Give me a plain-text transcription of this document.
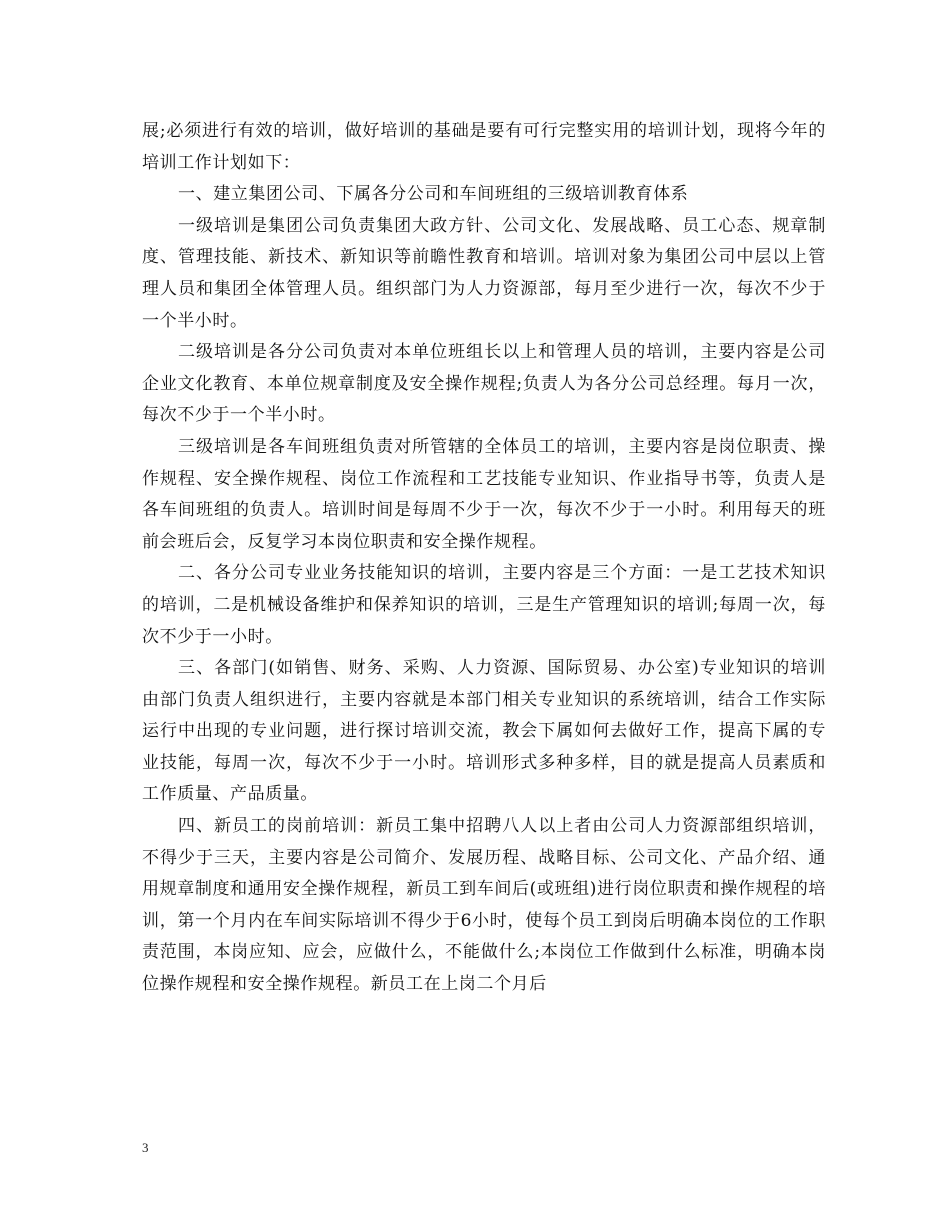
展;必须进行有效的培训，做好培训的基础是要有可行完整实用的培训计划，现将今年的培训工作计划如下：

一、建立集团公司、下属各分公司和车间班组的三级培训教育体系

一级培训是集团公司负责集团大政方针、公司文化、发展战略、员工心态、规章制度、管理技能、新技术、新知识等前瞻性教育和培训。培训对象为集团公司中层以上管理人员和集团全体管理人员。组织部门为人力资源部，每月至少进行一次，每次不少于一个半小时。

二级培训是各分公司负责对本单位班组长以上和管理人员的培训，主要内容是公司企业文化教育、本单位规章制度及安全操作规程;负责人为各分公司总经理。每月一次，每次不少于一个半小时。

三级培训是各车间班组负责对所管辖的全体员工的培训，主要内容是岗位职责、操作规程、安全操作规程、岗位工作流程和工艺技能专业知识、作业指导书等，负责人是各车间班组的负责人。培训时间是每周不少于一次，每次不少于一小时。利用每天的班前会班后会，反复学习本岗位职责和安全操作规程。

二、各分公司专业业务技能知识的培训，主要内容是三个方面：一是工艺技术知识的培训，二是机械设备维护和保养知识的培训，三是生产管理知识的培训;每周一次，每次不少于一小时。

三、各部门(如销售、财务、采购、人力资源、国际贸易、办公室)专业知识的培训由部门负责人组织进行，主要内容就是本部门相关专业知识的系统培训，结合工作实际运行中出现的专业问题，进行探讨培训交流，教会下属如何去做好工作，提高下属的专业技能，每周一次，每次不少于一小时。培训形式多种多样，目的就是提高人员素质和工作质量、产品质量。

四、新员工的岗前培训：新员工集中招聘八人以上者由公司人力资源部组织培训，不得少于三天，主要内容是公司简介、发展历程、战略目标、公司文化、产品介绍、通用规章制度和通用安全操作规程，新员工到车间后(或班组)进行岗位职责和操作规程的培训，第一个月内在车间实际培训不得少于6小时，使每个员工到岗后明确本岗位的工作职责范围，本岗应知、应会，应做什么，不能做什么;本岗位工作做到什么标准，明确本岗位操作规程和安全操作规程。新员工在上岗二个月后

3
